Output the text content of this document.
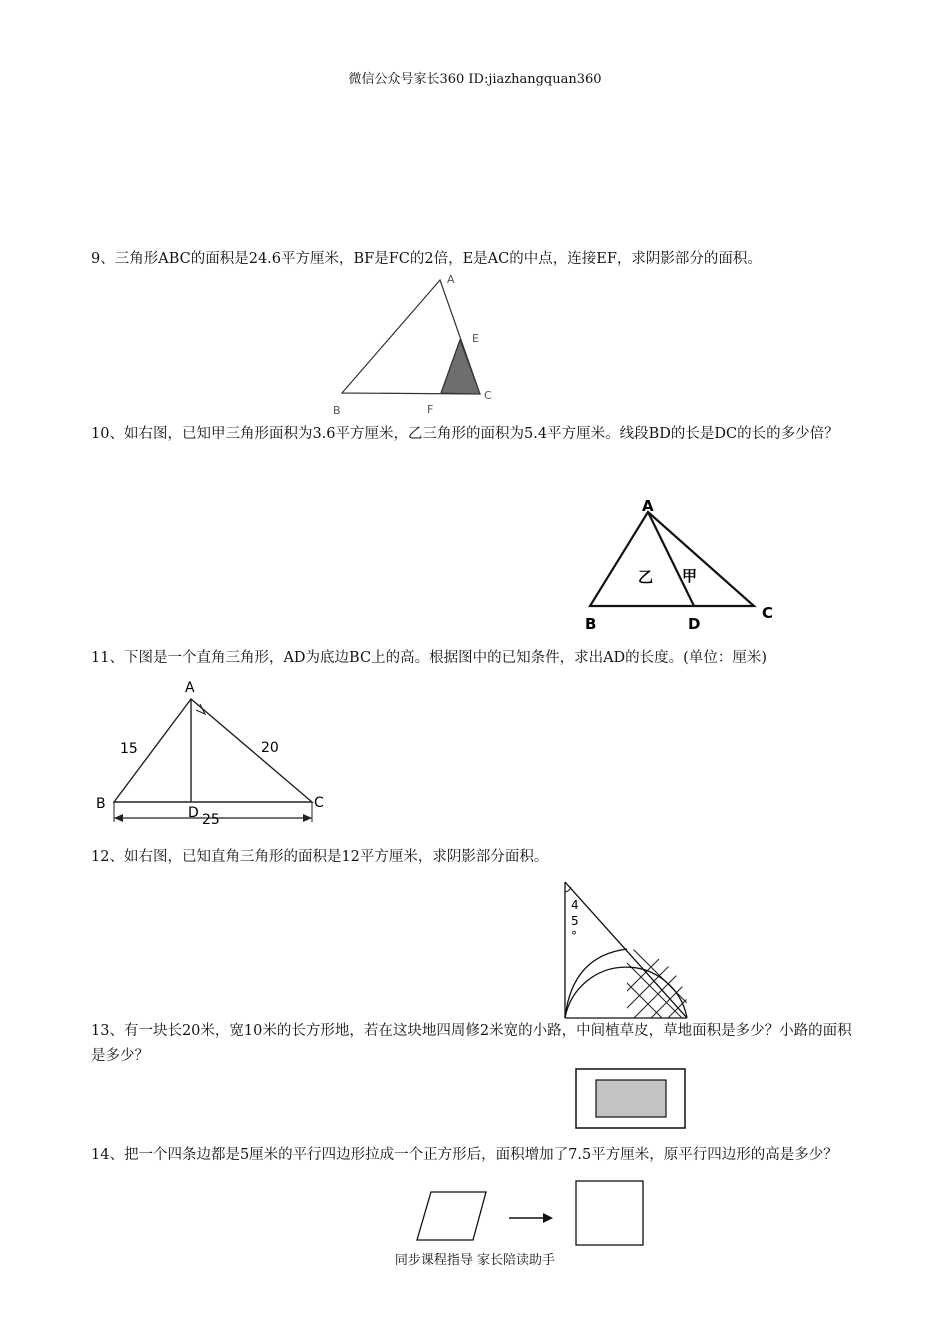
微信公众号家长360 ID:jiazhangquan360

9、三角形ABC的面积是24.6平方厘米，BF是FC的2倍，E是AC的中点，连接EF，求阴影部分的面积。

A
E
C
B	F

10、如右图，已知甲三角形面积为3.6平方厘米，乙三角形的面积为5.4平方厘米。线段BD的长是DC的长的多少倍？

A
B	D
C
乙 甲

11、下图是一个直角三角形，AD为底边BC上的高。根据图中的已知条件，求出AD的长度。(单位：厘米)

A
B	C
D
15	20
25

12、如右图，已知直角三角形的面积是12平方厘米，求阴影部分面积。

4
5
°

13、有一块长20米，宽10米的长方形地，若在这块地四周修2米宽的小路，中间植草皮，草地面积是多少？小路的面积是多少？

14、把一个四条边都是5厘米的平行四边形拉成一个正方形后，面积增加了7.5平方厘米，原平行四边形的高是多少？

同步课程指导 家长陪读助手
